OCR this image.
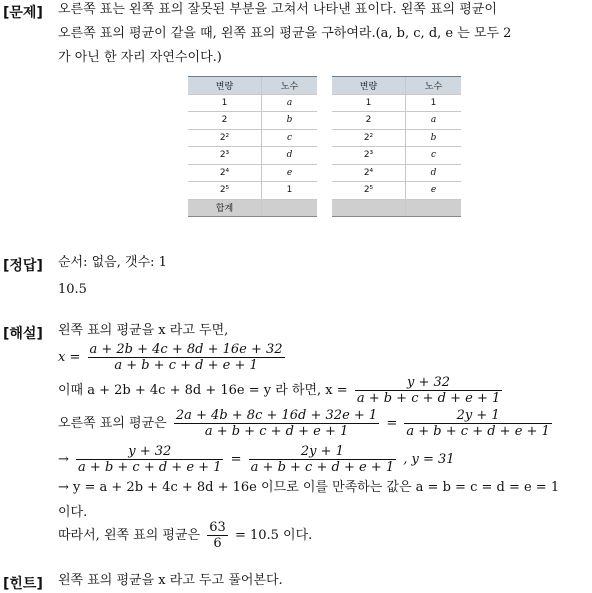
[문제] 오른쪽 표는 왼쪽 표의 잘못된 부분을 고쳐서 나타낸 표이다. 왼쪽 표의 평균이
오른쪽 표의 평균이 같을 때, 왼쪽 표의 평균을 구하여라.(a, b, c, d, e 는 모두 2
가 아닌 한 자리 자연수이다.)
변량	노수
1	a
2	b
2²	c
2³	d
2⁴	e
2⁵	1
합계	
변량	노수
1	1
2	a
2²	b
2³	c
2⁴	d
2⁵	e

[정답] 순서: 없음, 갯수: 1
10.5
[해설] 왼쪽 표의 평균을 x 라고 두면,
$x = \frac{a + 2b + 4c + 8d + 16e + 32}{a + b + c + d + e + 1}$
이때 a + 2b + 4c + 8d + 16e = y 라 하면, $x = \frac{y + 32}{a + b + c + d + e + 1}$
오른쪽 표의 평균은 $\frac{2a + 4b + 8c + 16d + 32e + 1}{a + b + c + d + e + 1} = \frac{2y + 1}{a + b + c + d + e + 1}$
→ $\frac{y + 32}{a + b + c + d + e + 1} = \frac{2y + 1}{a + b + c + d + e + 1}$ , y = 31
→ y = a + 2b + 4c + 8d + 16e 이므로 이를 만족하는 값은 a = b = c = d = e = 1
이다.
따라서, 왼쪽 표의 평균은 $\frac{63}{6} = 10.5$ 이다.
[힌트] 왼쪽 표의 평균을 x 라고 두고 풀어본다.
